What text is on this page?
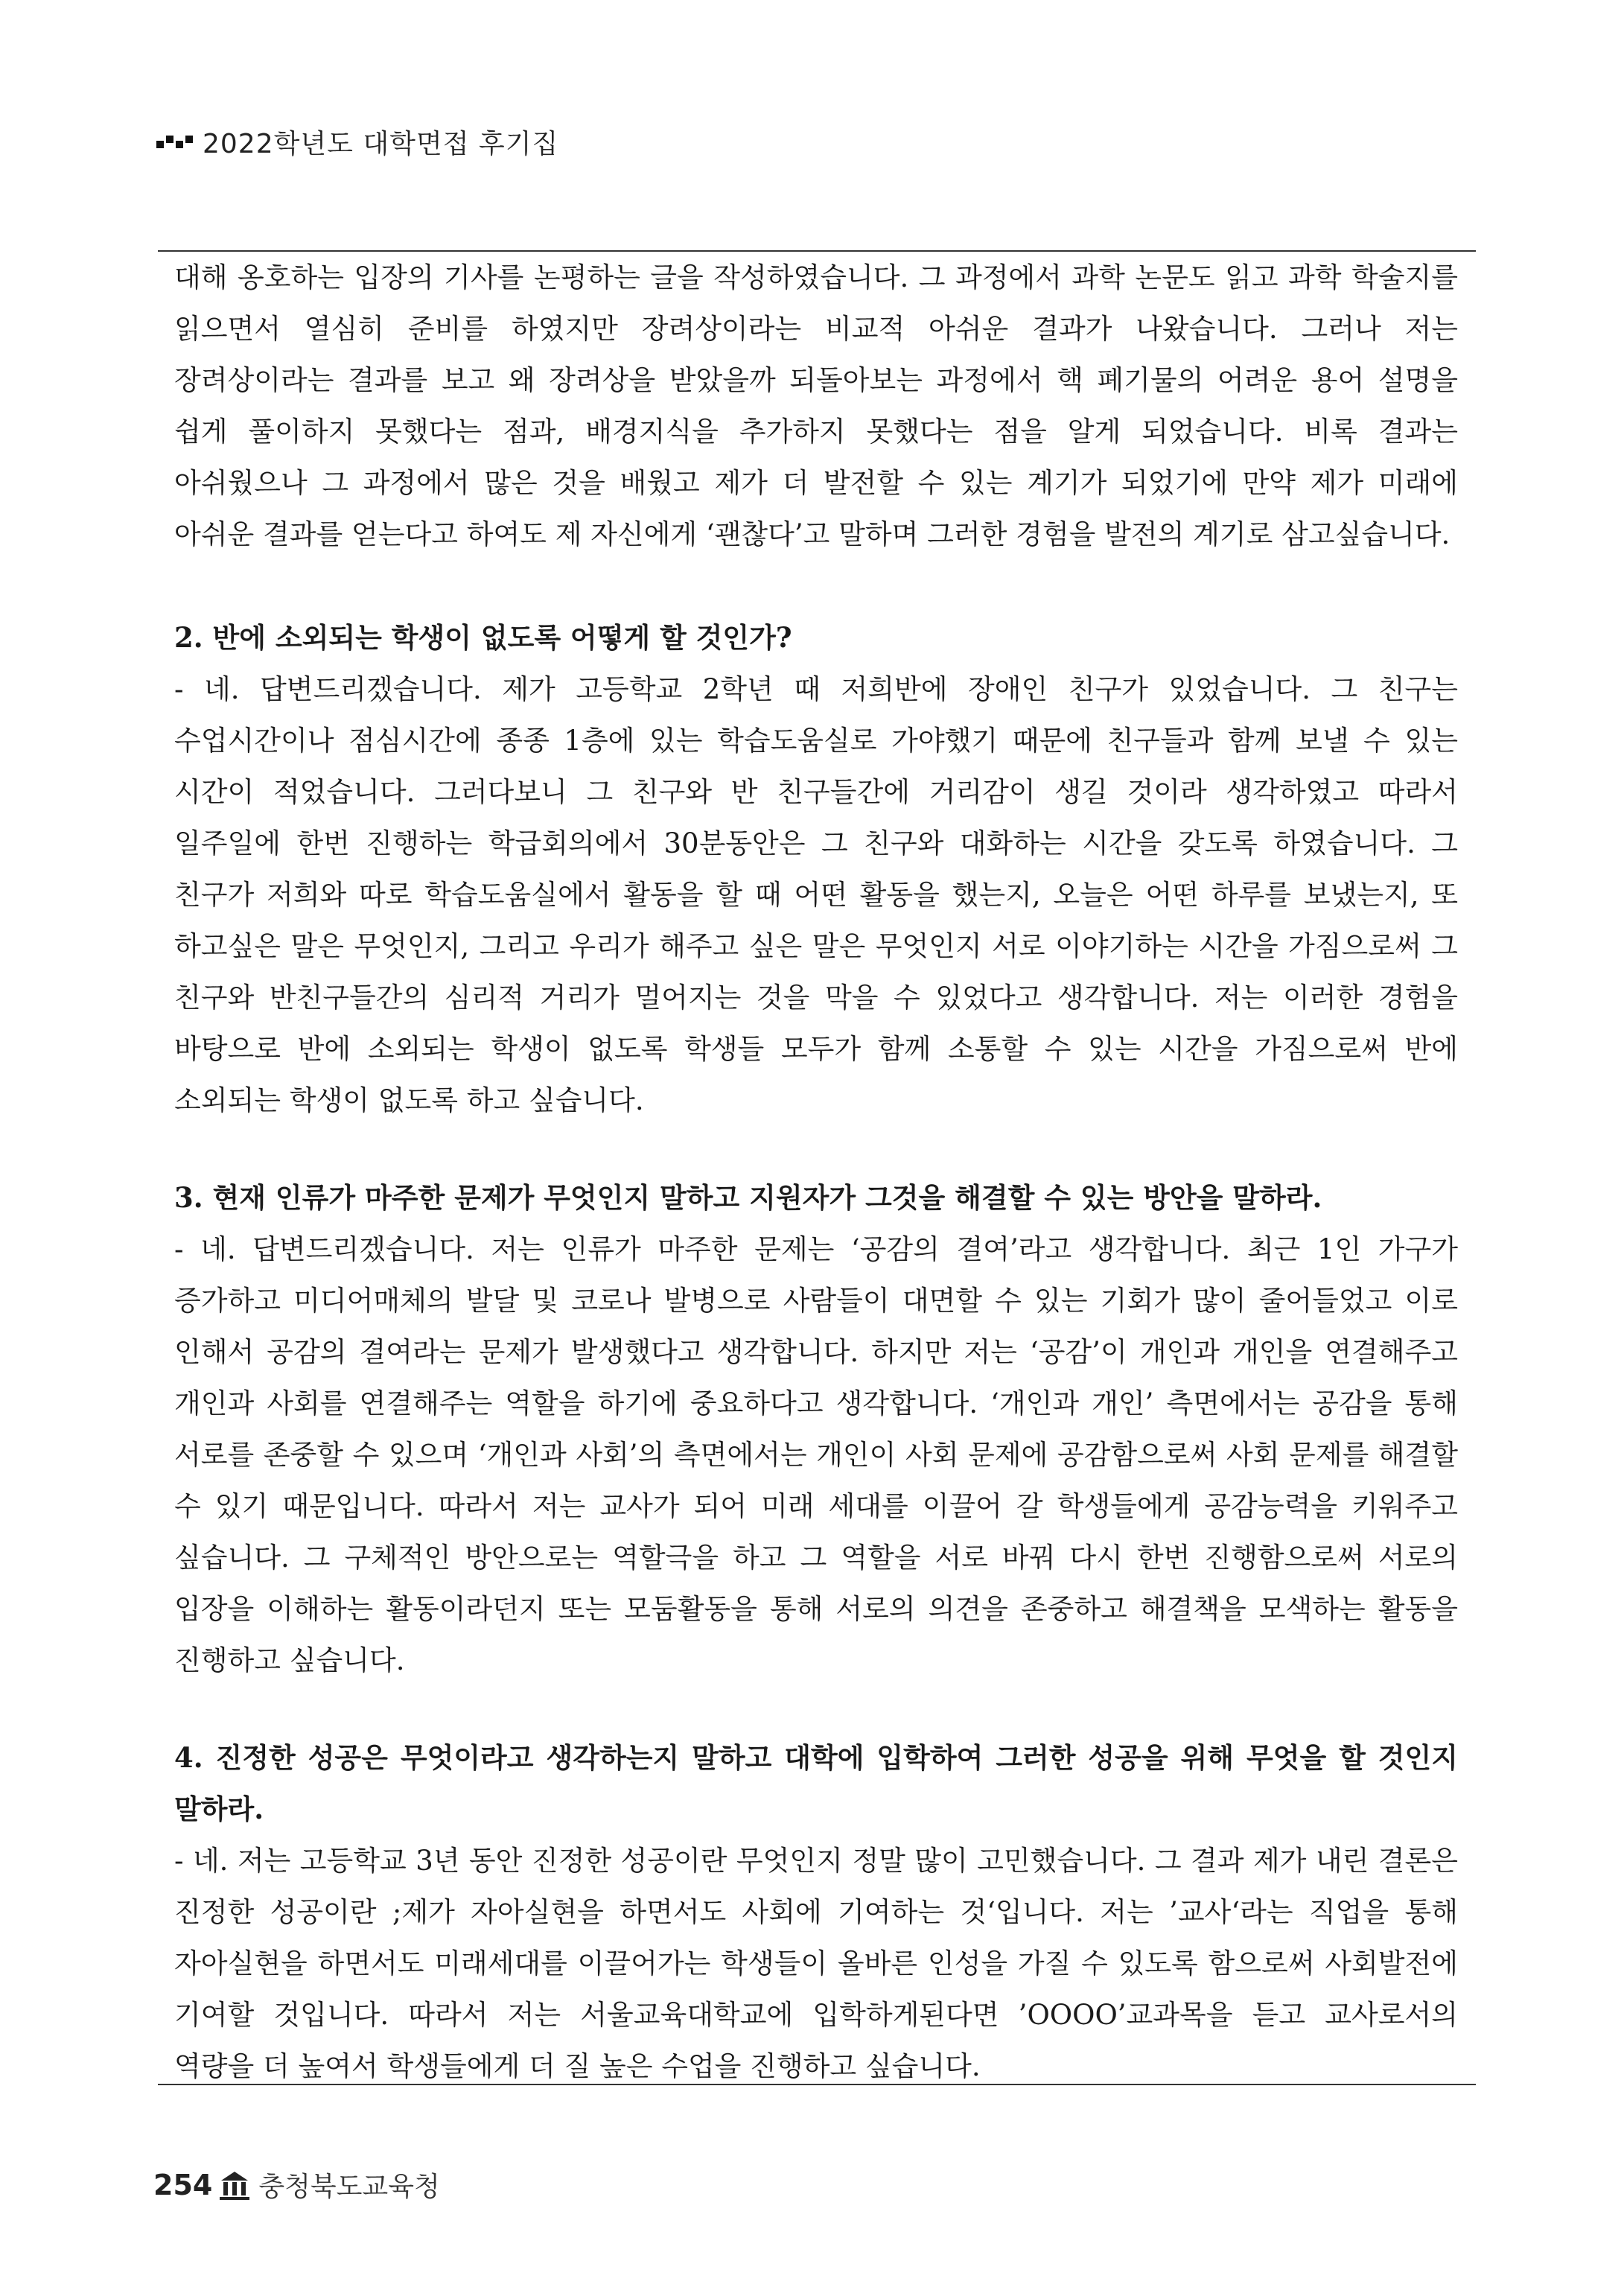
2022학년도 대학면접 후기집

대해 옹호하는 입장의 기사를 논평하는 글을 작성하였습니다. 그 과정에서 과학 논문도 읽고 과학 학술지를 읽으면서 열심히 준비를 하였지만 장려상이라는 비교적 아쉬운 결과가 나왔습니다. 그러나 저는 장려상이라는 결과를 보고 왜 장려상을 받았을까 되돌아보는 과정에서 핵 폐기물의 어려운 용어 설명을 쉽게 풀이하지 못했다는 점과, 배경지식을 추가하지 못했다는 점을 알게 되었습니다. 비록 결과는 아쉬웠으나 그 과정에서 많은 것을 배웠고 제가 더 발전할 수 있는 계기가 되었기에 만약 제가 미래에 아쉬운 결과를 얻는다고 하여도 제 자신에게 ‘괜찮다’고 말하며 그러한 경험을 발전의 계기로 삼고싶습니다.

2. 반에 소외되는 학생이 없도록 어떻게 할 것인가?

- 네. 답변드리겠습니다. 제가 고등학교 2학년 때 저희반에 장애인 친구가 있었습니다. 그 친구는 수업시간이나 점심시간에 종종 1층에 있는 학습도움실로 가야했기 때문에 친구들과 함께 보낼 수 있는 시간이 적었습니다. 그러다보니 그 친구와 반 친구들간에 거리감이 생길 것이라 생각하였고 따라서 일주일에 한번 진행하는 학급회의에서 30분동안은 그 친구와 대화하는 시간을 갖도록 하였습니다. 그 친구가 저희와 따로 학습도움실에서 활동을 할 때 어떤 활동을 했는지, 오늘은 어떤 하루를 보냈는지, 또 하고싶은 말은 무엇인지, 그리고 우리가 해주고 싶은 말은 무엇인지 서로 이야기하는 시간을 가짐으로써 그 친구와 반친구들간의 심리적 거리가 멀어지는 것을 막을 수 있었다고 생각합니다. 저는 이러한 경험을 바탕으로 반에 소외되는 학생이 없도록 학생들 모두가 함께 소통할 수 있는 시간을 가짐으로써 반에 소외되는 학생이 없도록 하고 싶습니다.

3. 현재 인류가 마주한 문제가 무엇인지 말하고 지원자가 그것을 해결할 수 있는 방안을 말하라.

- 네. 답변드리겠습니다. 저는 인류가 마주한 문제는 ‘공감의 결여’라고 생각합니다. 최근 1인 가구가 증가하고 미디어매체의 발달 및 코로나 발병으로 사람들이 대면할 수 있는 기회가 많이 줄어들었고 이로 인해서 공감의 결여라는 문제가 발생했다고 생각합니다. 하지만 저는 ‘공감’이 개인과 개인을 연결해주고 개인과 사회를 연결해주는 역할을 하기에 중요하다고 생각합니다. ‘개인과 개인’ 측면에서는 공감을 통해 서로를 존중할 수 있으며 ‘개인과 사회’의 측면에서는 개인이 사회 문제에 공감함으로써 사회 문제를 해결할 수 있기 때문입니다. 따라서 저는 교사가 되어 미래 세대를 이끌어 갈 학생들에게 공감능력을 키워주고 싶습니다. 그 구체적인 방안으로는 역할극을 하고 그 역할을 서로 바꿔 다시 한번 진행함으로써 서로의 입장을 이해하는 활동이라던지 또는 모둠활동을 통해 서로의 의견을 존중하고 해결책을 모색하는 활동을 진행하고 싶습니다.

4. 진정한 성공은 무엇이라고 생각하는지 말하고 대학에 입학하여 그러한 성공을 위해 무엇을 할 것인지 말하라.

- 네. 저는 고등학교 3년 동안 진정한 성공이란 무엇인지 정말 많이 고민했습니다. 그 결과 제가 내린 결론은 진정한 성공이란 ;제가 자아실현을 하면서도 사회에 기여하는 것‘입니다. 저는 ’교사‘라는 직업을 통해 자아실현을 하면서도 미래세대를 이끌어가는 학생들이 올바른 인성을 가질 수 있도록 함으로써 사회발전에 기여할 것입니다. 따라서 저는 서울교육대학교에 입학하게된다면 ’OOOO’교과목을 듣고 교사로서의 역량을 더 높여서 학생들에게 더 질 높은 수업을 진행하고 싶습니다.

254 충청북도교육청
